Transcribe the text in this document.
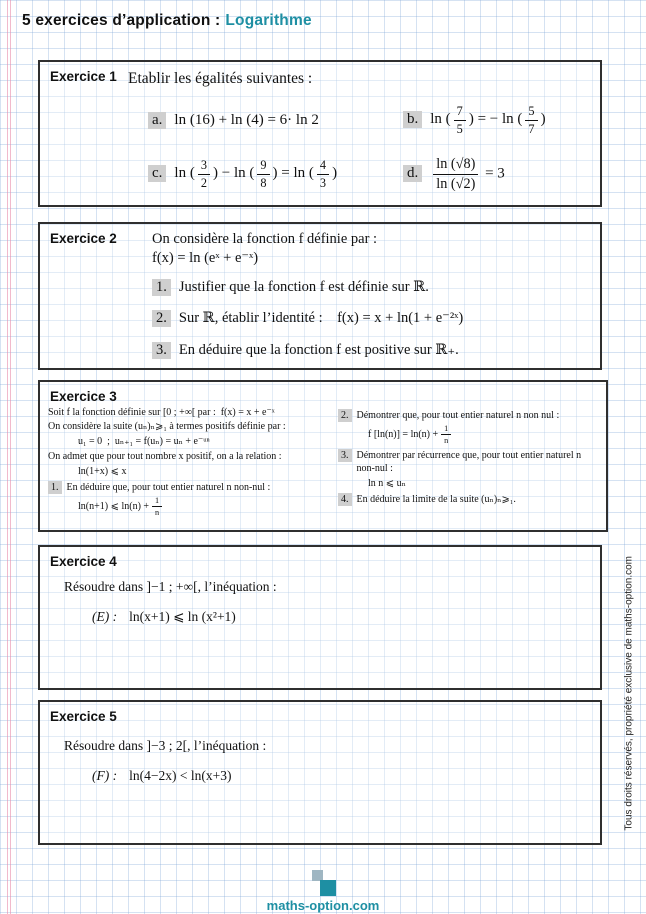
5 exercices d’application : Logarithme
Exercice 1 Etablir les égalités suivantes :
a. ln (16) + ln (4) = 6· ln 2	b. ln ( $\frac{7}{5}$ ) = − ln ( $\frac{5}{7}$ )
c. ln ( $\frac{3}{2}$ ) − ln ( $\frac{9}{8}$ ) = ln ( $\frac{4}{3}$ )	d. $\frac{\ln (√8)}{\ln (√2)} = 3$
Exercice 2 On considère la fonction f définie par :
f(x) = ln (eˣ + e⁻ˣ)
1. Justifier que la fonction f est définie sur ℝ.
2. Sur ℝ, établir l’identité : f(x) = x + ln(1 + e⁻²ˣ)
3. En déduire que la fonction f est positive sur ℝ₊.
Exercice 3
Soit f la fonction définie sur [0 ; +∞[ par : f(x) = x + e⁻ˣ
On considère la suite (uₙ)ₙ⩾₁ à termes positifs définie par :
u₁ = 0 ; uₙ₊₁ = f(uₙ) = uₙ + e⁻ᵘⁿ
On admet que pour tout nombre x positif, on a la relation :
ln(1+x) ⩽ x
1. En déduire que, pour tout entier naturel n non-nul :
ln(n+1) ⩽ $\ln(n) + \frac{1}{n}$
2. Démontrer que, pour tout entier naturel n non nul :
f $[\ln(n)] = \ln(n) + \frac{1}{n}$
3. Démontrer par récurrence que, pour tout entier naturel n non-nul :
ln n ⩽ uₙ
4. En déduire la limite de la suite (uₙ)ₙ⩾₁.
Exercice 4
Résoudre dans ]−1 ; +∞[, l’inéquation :
(E) : ln(x+1) ⩽ ln (x²+1)
Exercice 5
Résoudre dans ]−3 ; 2[, l’inéquation :
(F) : ln(4−2x) < ln(x+3)	Tous droits réservés, propriété exclusive de maths-option.com
maths-option.com
